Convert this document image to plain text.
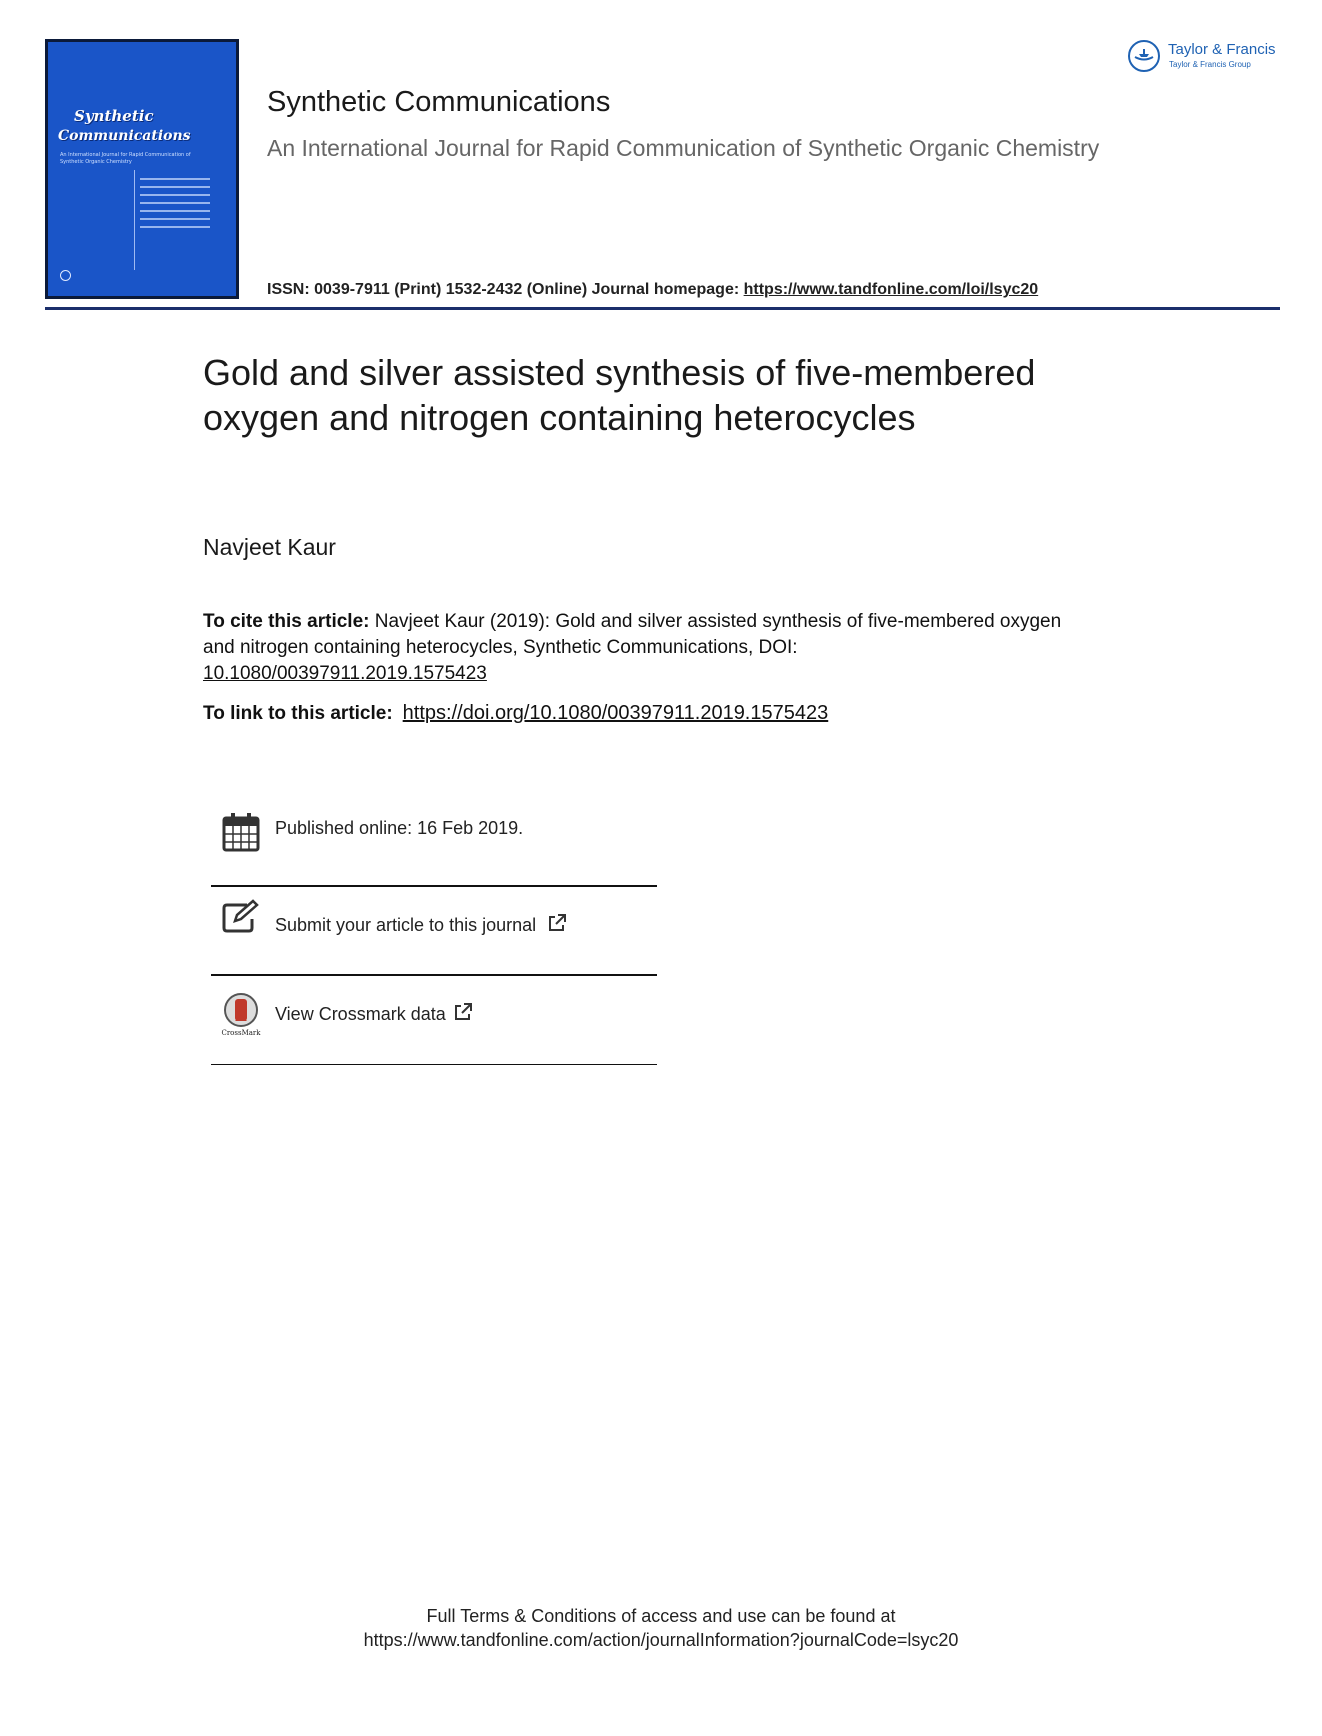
Synthetic
Communications
An International Journal for Rapid Communication of Synthetic Organic Chemistry
Synthetic Communications
An International Journal for Rapid Communication of Synthetic Organic Chemistry
ISSN: 0039-7911 (Print) 1532-2432 (Online) Journal homepage: https://www.tandfonline.com/loi/lsyc20
Taylor & Francis
Taylor & Francis Group
Gold and silver assisted synthesis of five-membered oxygen and nitrogen containing heterocycles
Navjeet Kaur
To cite this article: Navjeet Kaur (2019): Gold and silver assisted synthesis of five-membered oxygen and nitrogen containing heterocycles, Synthetic Communications, DOI: 10.1080/00397911.2019.1575423
To link to this article: https://doi.org/10.1080/00397911.2019.1575423
Published online: 16 Feb 2019.
Submit your article to this journal
CrossMark
View Crossmark data
Full Terms & Conditions of access and use can be found at
https://www.tandfonline.com/action/journalInformation?journalCode=lsyc20
